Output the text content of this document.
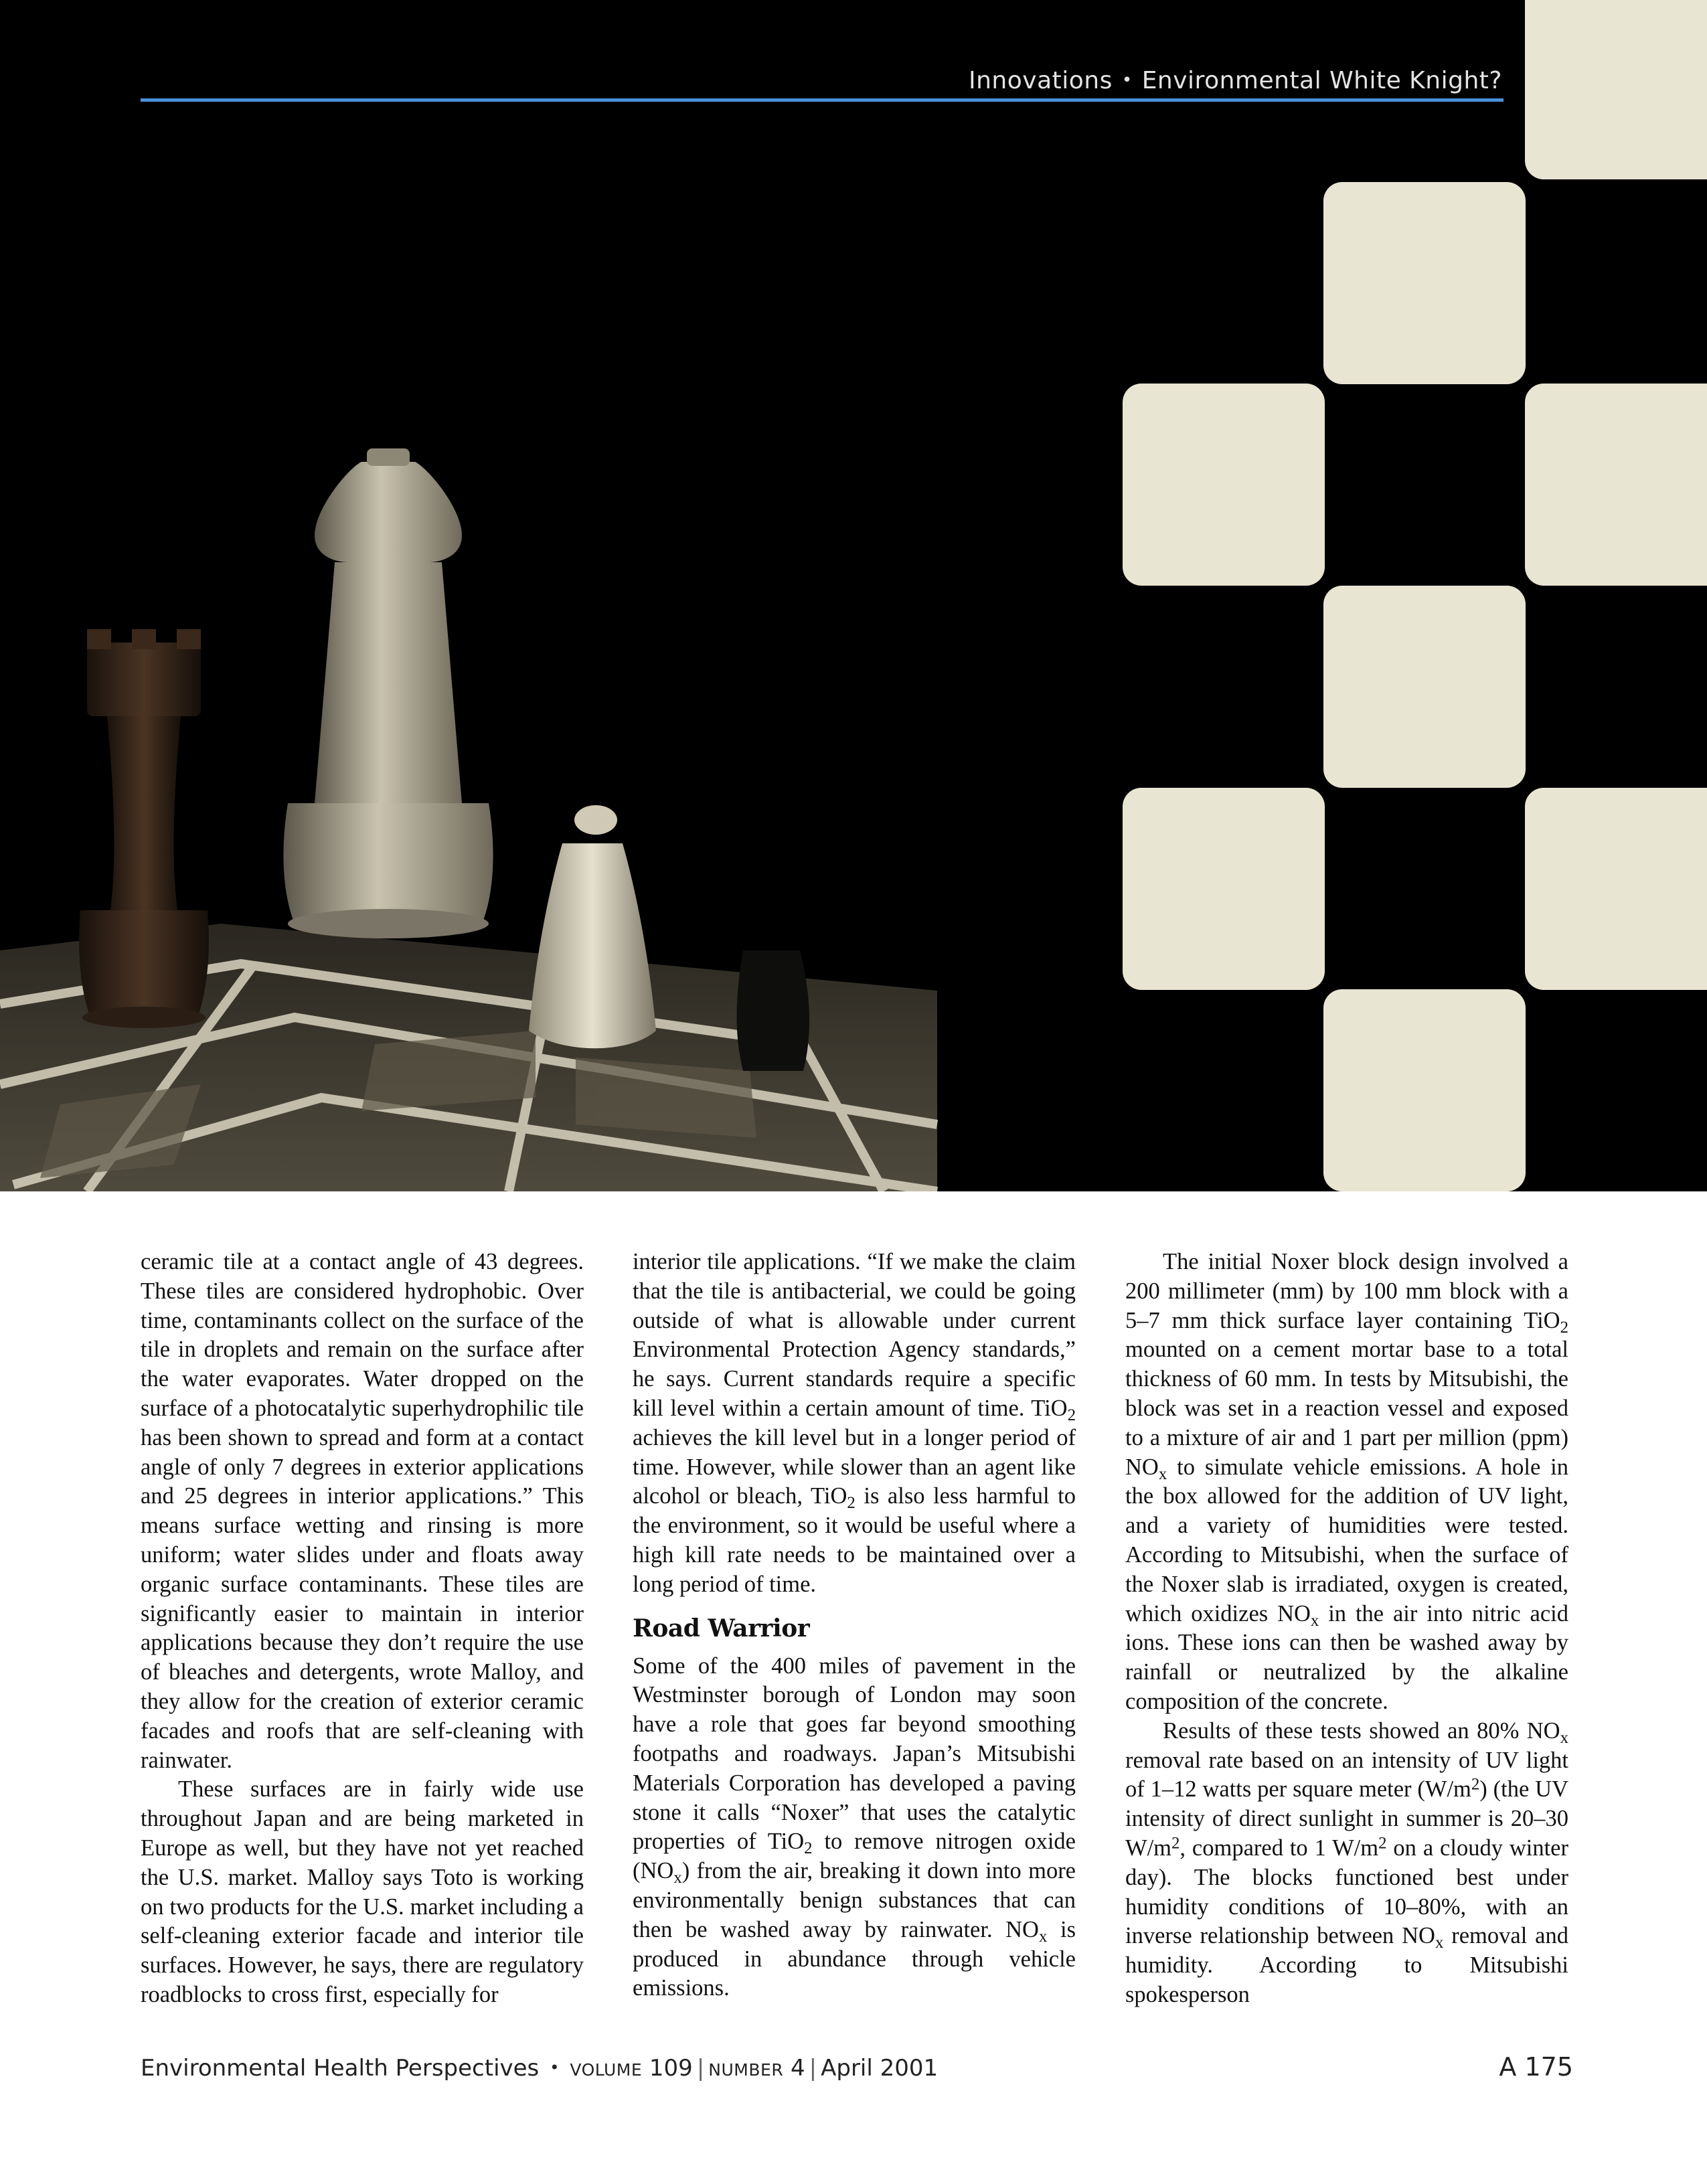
Innovations • Environmental White Knight?

ceramic tile at a contact angle of 43 degrees. These tiles are considered hydrophobic. Over time, contaminants collect on the surface of the tile in droplets and remain on the surface after the water evaporates. Water dropped on the surface of a photocatalytic superhydrophilic tile has been shown to spread and form at a contact angle of only 7 degrees in exterior applications and 25 degrees in interior applications.” This means surface wetting and rinsing is more uniform; water slides under and floats away organic surface contaminants. These tiles are significantly easier to maintain in interior applications because they don’t require the use of bleaches and detergents, wrote Malloy, and they allow for the creation of exterior ceramic facades and roofs that are self-cleaning with rainwater.

These surfaces are in fairly wide use throughout Japan and are being marketed in Europe as well, but they have not yet reached the U.S. market. Malloy says Toto is working on two products for the U.S. market including a self-cleaning exterior facade and interior tile surfaces. However, he says, there are regulatory roadblocks to cross first, especially for

interior tile applications. “If we make the claim that the tile is antibacterial, we could be going outside of what is allowable under current Environmental Protection Agency standards,” he says. Current standards require a specific kill level within a certain amount of time. TiO$_2$ achieves the kill level but in a longer period of time. However, while slower than an agent like alcohol or bleach, TiO$_2$ is also less harmful to the environment, so it would be useful where a high kill rate needs to be maintained over a long period of time.

Road Warrior

Some of the 400 miles of pavement in the Westminster borough of London may soon have a role that goes far beyond smoothing footpaths and roadways. Japan’s Mitsubishi Materials Corporation has developed a paving stone it calls “Noxer” that uses the catalytic properties of TiO$_2$ to remove nitrogen oxide $(NO_x)$ from the air, breaking it down into more environmentally benign substances that can then be washed away by rainwater. $NO_x$ is produced in abundance through vehicle emissions.

The initial Noxer block design involved a 200 millimeter (mm) by 100 mm block with a 5–7 mm thick surface layer containing TiO$_2$ mounted on a cement mortar base to a total thickness of 60 mm. In tests by Mitsubishi, the block was set in a reaction vessel and exposed to a mixture of air and 1 part per million (ppm) $NO_x$ to simulate vehicle emissions. A hole in the box allowed for the addition of UV light, and a variety of humidities were tested. According to Mitsubishi, when the surface of the Noxer slab is irradiated, oxygen is created, which oxidizes $NO_x$ in the air into nitric acid ions. These ions can then be washed away by rainfall or neutralized by the alkaline composition of the concrete.

Results of these tests showed an 80% $NO_x$ removal rate based on an intensity of UV light of 1–12 watts per square meter $(W/m^2)$ (the UV intensity of direct sunlight in summer is 20–30 $W/m^2$, compared to 1 $W/m^2$ on a cloudy winter day). The blocks functioned best under humidity conditions of 10–80%, with an inverse relationship between $NO_x$ removal and humidity. According to Mitsubishi spokesperson

Environmental Health Perspectives • VOLUME 109 | NUMBER 4 | April 2001	A 175
